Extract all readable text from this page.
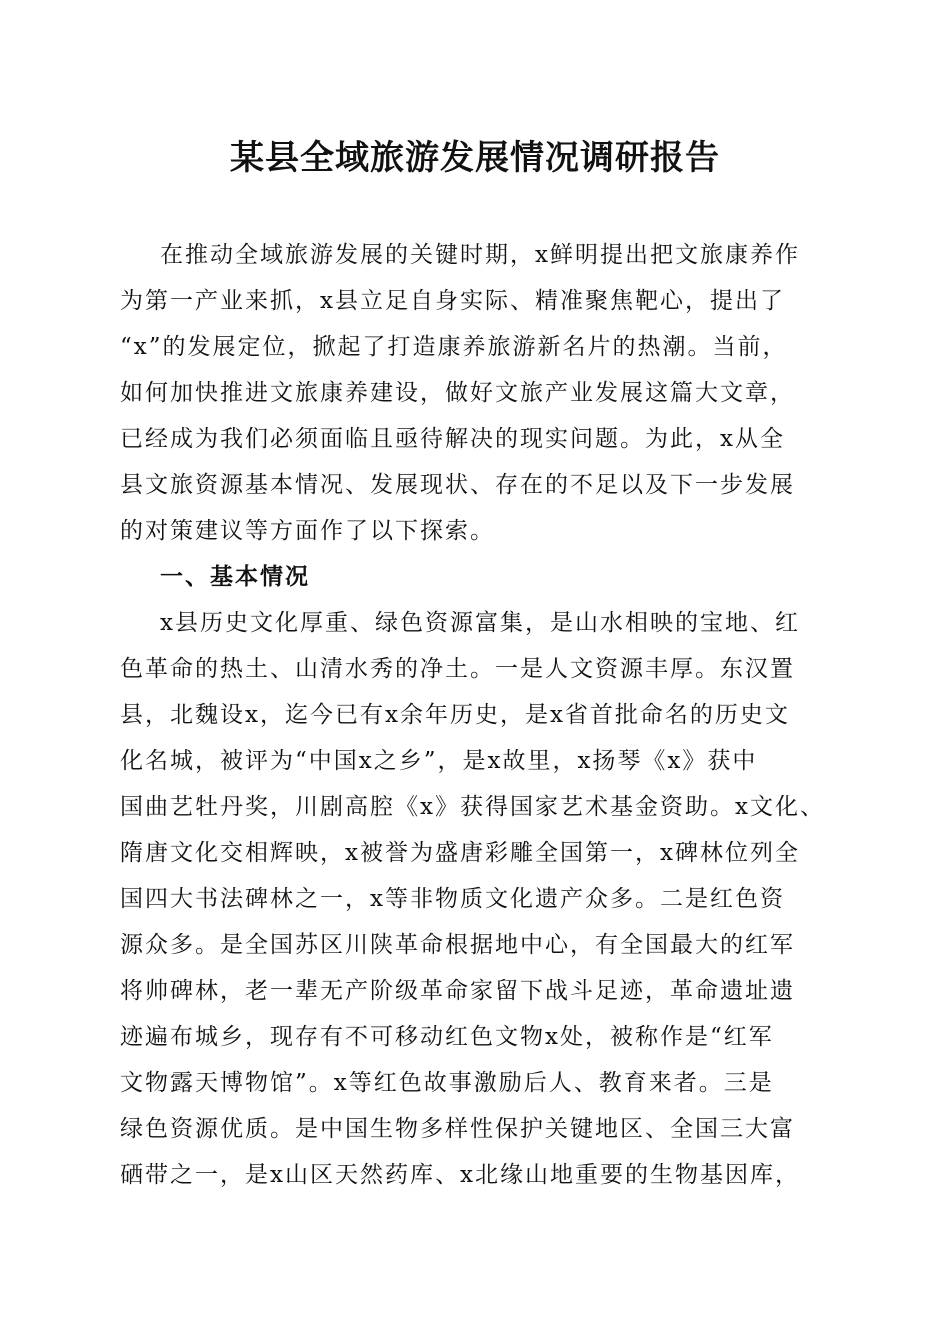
某县全域旅游发展情况调研报告
在推动全域旅游发展的关键时期，x鲜明提出把文旅康养作
为第一产业来抓，x县立足自身实际、精准聚焦靶心，提出了
“x”的发展定位，掀起了打造康养旅游新名片的热潮。当前，
如何加快推进文旅康养建设，做好文旅产业发展这篇大文章，
已经成为我们必须面临且亟待解决的现实问题。为此，x从全
县文旅资源基本情况、发展现状、存在的不足以及下一步发展
的对策建议等方面作了以下探索。
一、基本情况
x县历史文化厚重、绿色资源富集，是山水相映的宝地、红
色革命的热土、山清水秀的净土。一是人文资源丰厚。东汉置
县，北魏设x，迄今已有x余年历史，是x省首批命名的历史文
化名城，被评为“中国x之乡”，是x故里，x扬琴《x》获中
国曲艺牡丹奖，川剧高腔《x》获得国家艺术基金资助。x文化、
隋唐文化交相辉映，x被誉为盛唐彩雕全国第一，x碑林位列全
国四大书法碑林之一，x等非物质文化遗产众多。二是红色资
源众多。是全国苏区川陕革命根据地中心，有全国最大的红军
将帅碑林，老一辈无产阶级革命家留下战斗足迹，革命遗址遗
迹遍布城乡，现存有不可移动红色文物x处，被称作是“红军
文物露天博物馆”。x等红色故事激励后人、教育来者。三是
绿色资源优质。是中国生物多样性保护关键地区、全国三大富
硒带之一，是x山区天然药库、x北缘山地重要的生物基因库，
